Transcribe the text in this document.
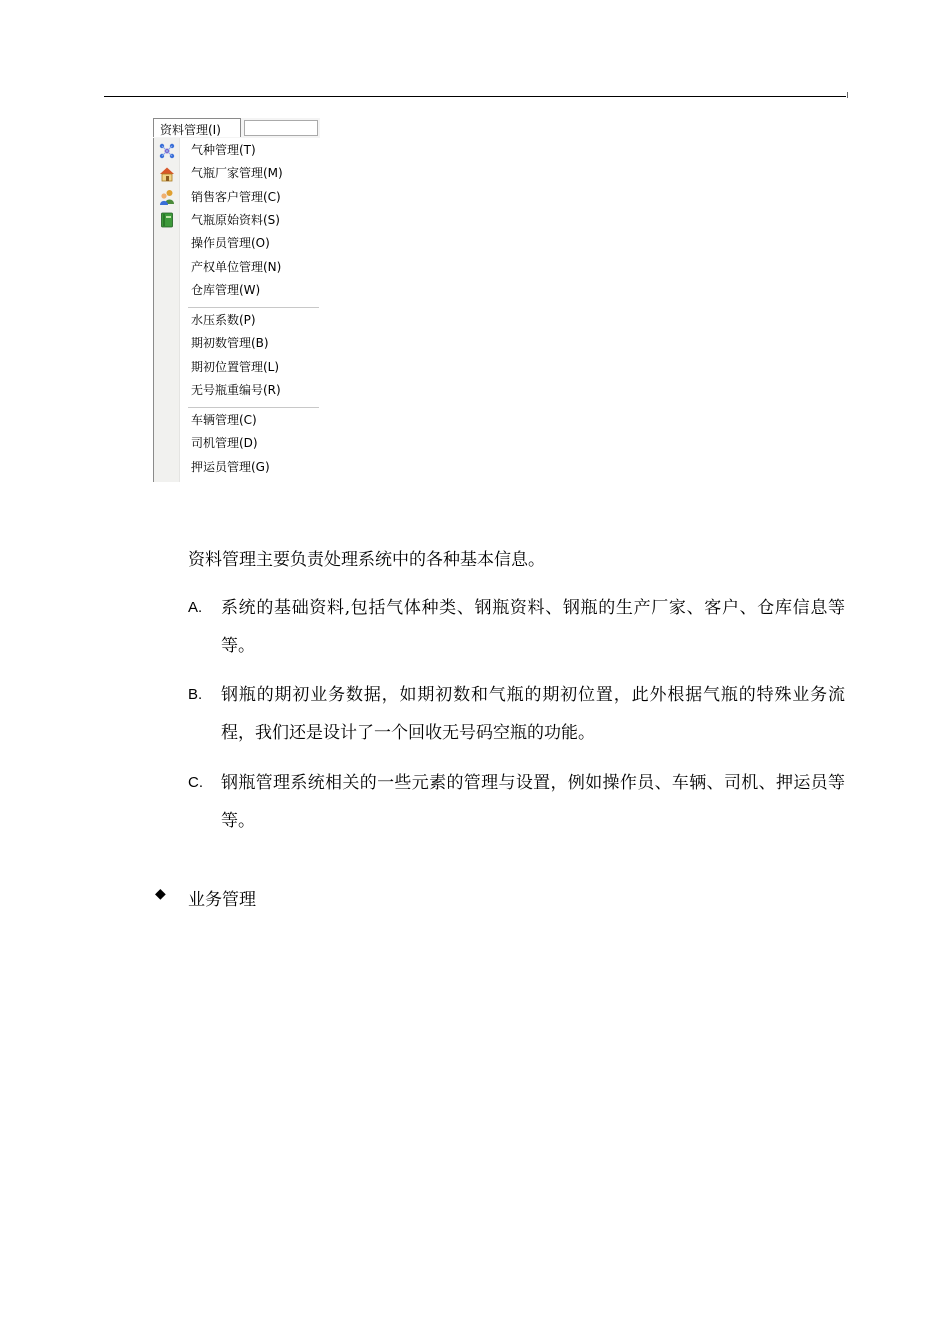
资料管理(I)
气种管理(T)
气瓶厂家管理(M)
销售客户管理(C)
气瓶原始资料(S)
操作员管理(O)
产权单位管理(N)
仓库管理(W)
水压系数(P)
期初数管理(B)
期初位置管理(L)
无号瓶重编号(R)
车辆管理(C)
司机管理(D)
押运员管理(G)
资料管理主要负责处理系统中的各种基本信息。
A. 系统的基础资料,包括气体种类、钢瓶资料、钢瓶的生产厂家、客户、仓库信息等等。
B. 钢瓶的期初业务数据，如期初数和气瓶的期初位置，此外根据气瓶的特殊业务流程，我们还是设计了一个回收无号码空瓶的功能。
C. 钢瓶管理系统相关的一些元素的管理与设置，例如操作员、车辆、司机、押运员等等。
◆ 业务管理
